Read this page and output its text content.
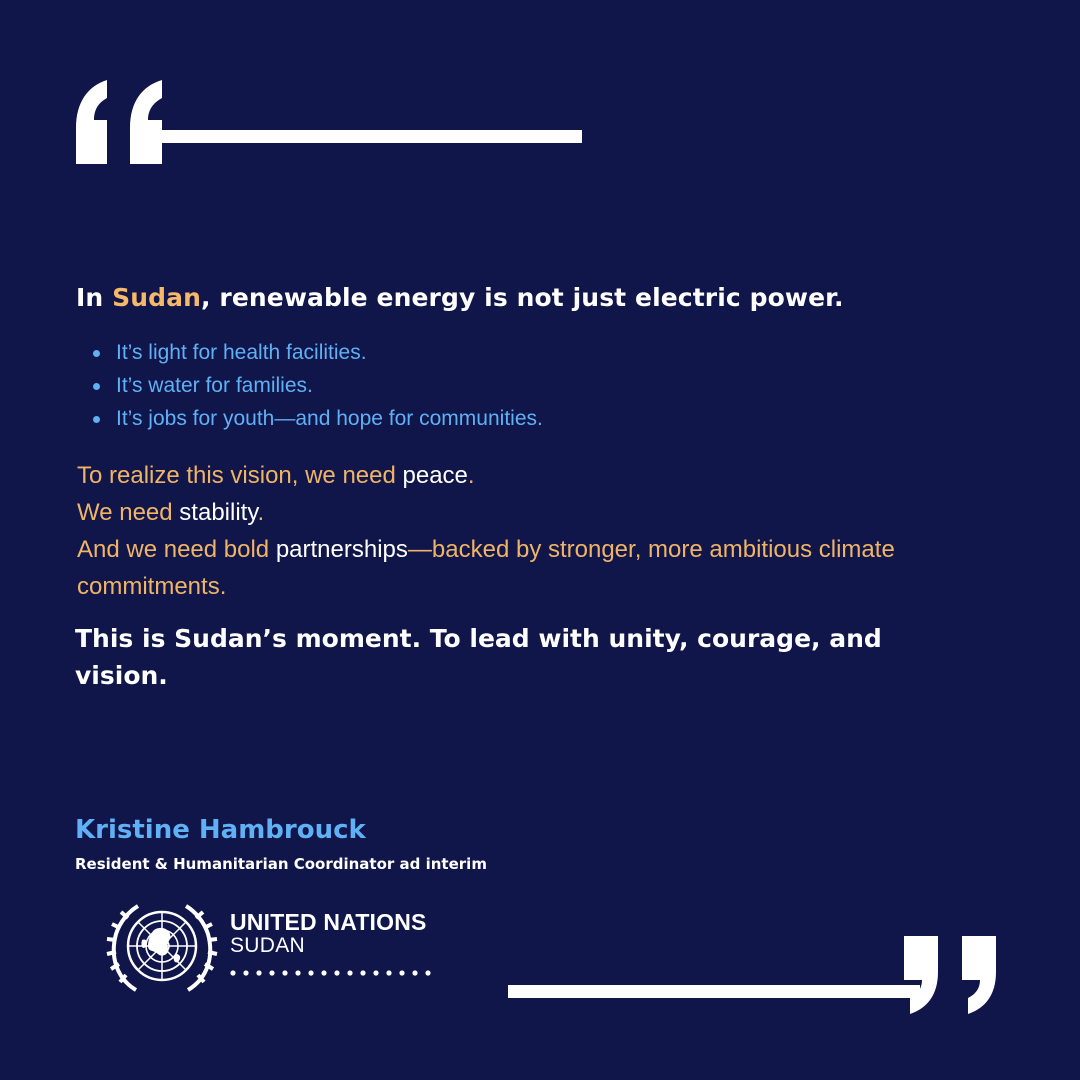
In Sudan, renewable energy is not just electric power.
It’s light for health facilities.
It’s water for families.
It’s jobs for youth—and hope for communities.
To realize this vision, we need peace.
We need stability.
And we need bold partnerships—backed by stronger, more ambitious climate commitments.
This is Sudan’s moment. To lead with unity, courage, and vision.
Kristine Hambrouck
Resident & Humanitarian Coordinator ad interim
UNITED NATIONS
SUDAN
